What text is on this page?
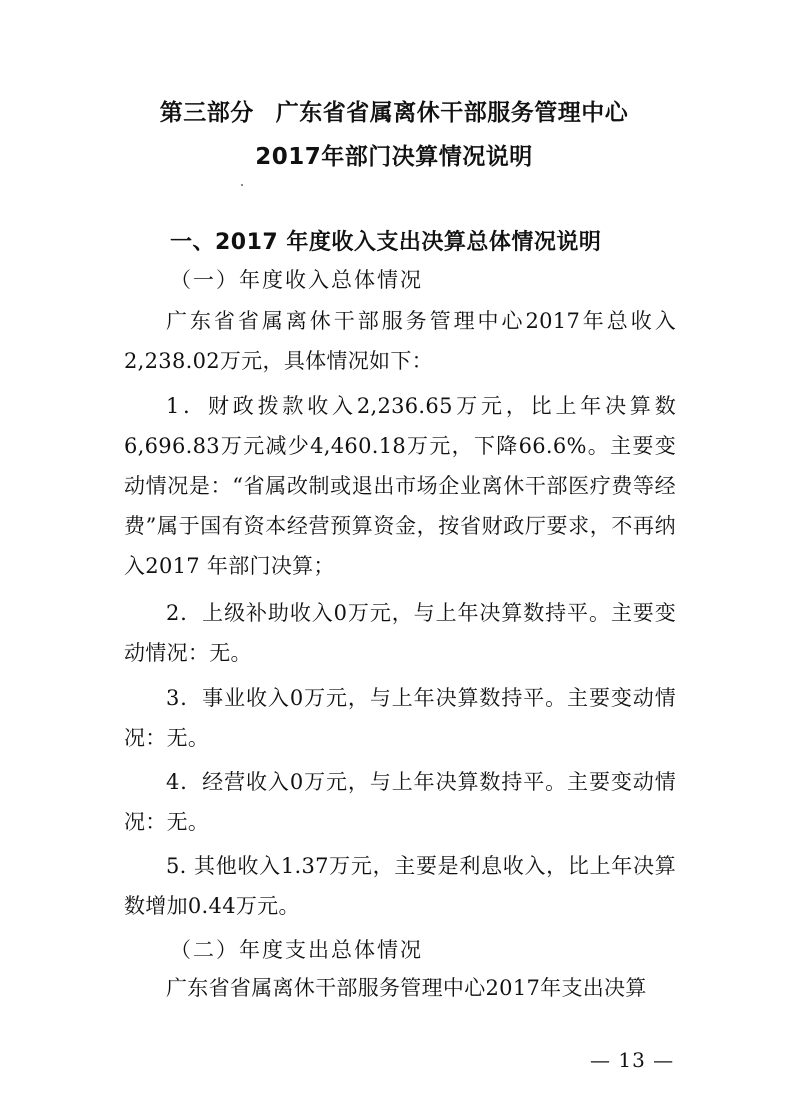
第三部分 广东省省属离休干部服务管理中心
2017年部门决算情况说明
一、2017 年度收入支出决算总体情况说明
（一）年度收入总体情况
广东省省属离休干部服务管理中心2017年总收入2,238.02万元，具体情况如下：
1．财政拨款收入2,236.65万元，比上年决算数6,696.83万元减少4,460.18万元，下降66.6%。主要变动情况是：“省属改制或退出市场企业离休干部医疗费等经费”属于国有资本经营预算资金，按省财政厅要求，不再纳入2017 年部门决算；
2．上级补助收入0万元，与上年决算数持平。主要变动情况：无。
3．事业收入0万元，与上年决算数持平。主要变动情况：无。
4．经营收入0万元，与上年决算数持平。主要变动情况：无。
5. 其他收入1.37万元，主要是利息收入，比上年决算数增加0.44万元。
（二）年度支出总体情况
广东省省属离休干部服务管理中心2017年支出决算
— 13 —
